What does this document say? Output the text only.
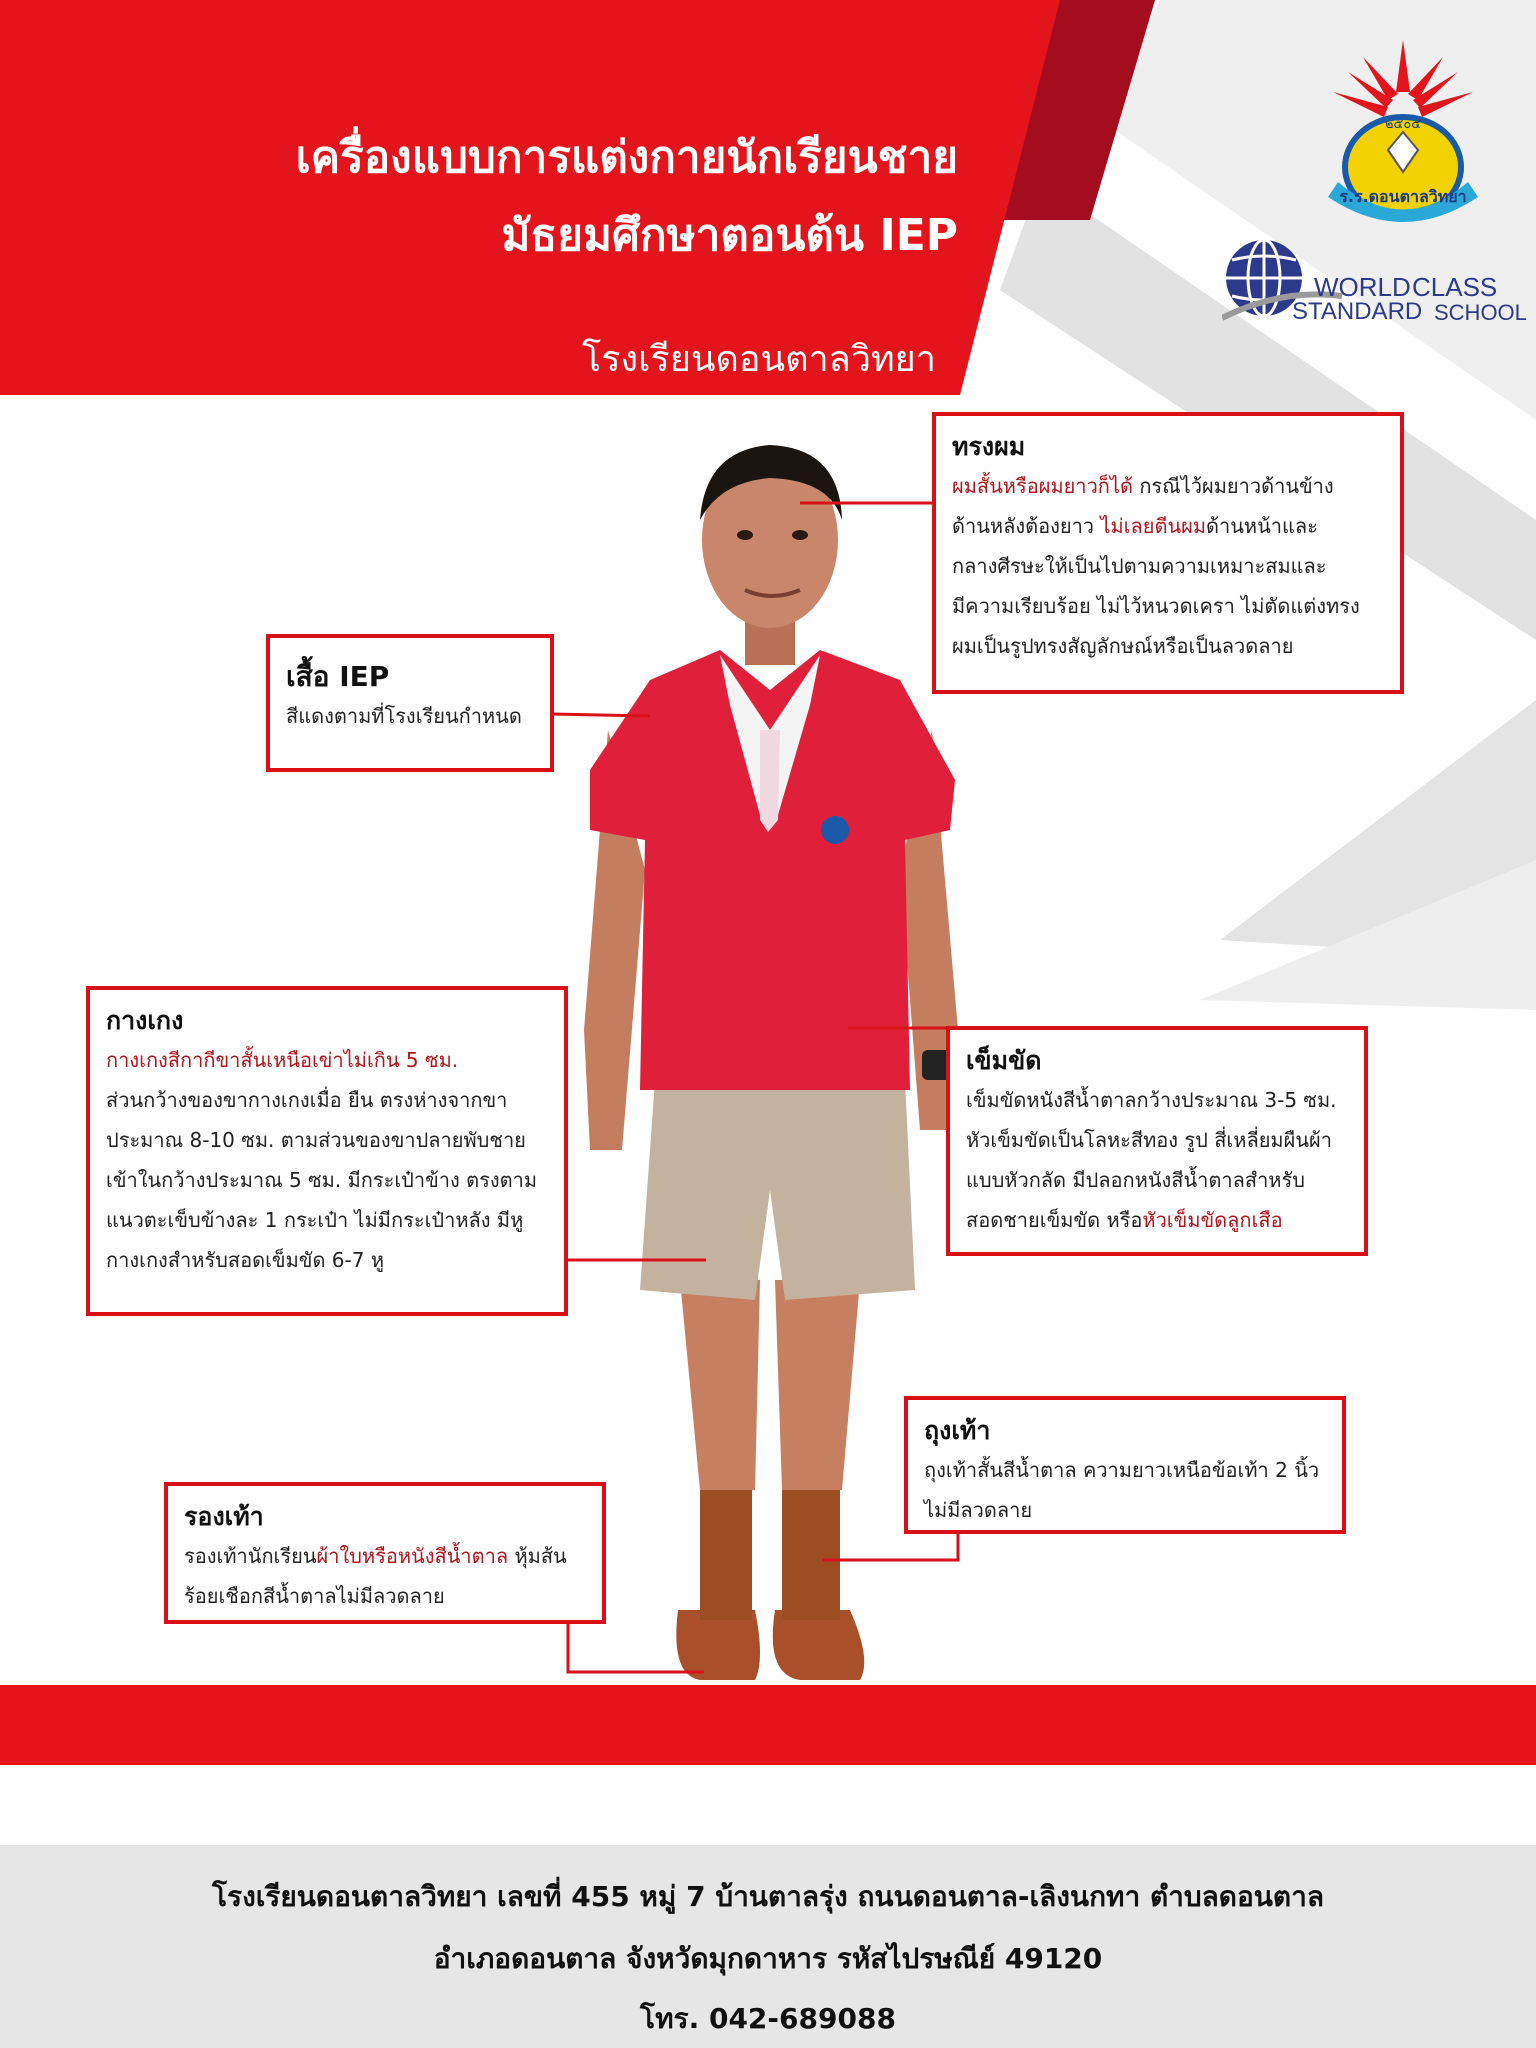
เครื่องแบบการแต่งกายนักเรียนชาย
มัธยมศึกษาตอนต้น IEP
โรงเรียนดอนตาลวิทยา
ร.ร.ดอนตาลวิทยา
๒๕๐๕
WORLD CLASS
STANDARD SCHOOL
ทรงผม

ผมสั้นหรือผมยาวก็ได้ กรณีไว้ผมยาวด้านข้าง

ด้านหลังต้องยาว ไม่เลยตีนผมด้านหน้าและ

กลางศีรษะให้เป็นไปตามความเหมาะสมและ

มีความเรียบร้อย ไม่ไว้หนวดเครา ไม่ตัดแต่งทรง

ผมเป็นรูปทรงสัญลักษณ์หรือเป็นลวดลาย

เสื้อ IEP

สีแดงตามที่โรงเรียนกำหนด

กางเกง

กางเกงสีกากีขาสั้นเหนือเข่าไม่เกิน 5 ซม.

ส่วนกว้างของขากางเกงเมื่อ ยืน ตรงห่างจากขา

ประมาณ 8-10 ซม. ตามส่วนของขาปลายพับชาย

เข้าในกว้างประมาณ 5 ซม. มีกระเป๋าข้าง ตรงตาม

แนวตะเข็บข้างละ 1 กระเป๋า ไม่มีกระเป๋าหลัง มีหู

กางเกงสำหรับสอดเข็มขัด 6-7 หู

เข็มขัด

เข็มขัดหนังสีน้ำตาลกว้างประมาณ 3-5 ซม.

หัวเข็มขัดเป็นโลหะสีทอง รูป สี่เหลี่ยมผืนผ้า

แบบหัวกลัด มีปลอกหนังสีน้ำตาลสำหรับ

สอดชายเข็มขัด หรือหัวเข็มขัดลูกเสือ

ถุงเท้า

ถุงเท้าสั้นสีน้ำตาล ความยาวเหนือข้อเท้า 2 นิ้ว

ไม่มีลวดลาย

รองเท้า

รองเท้านักเรียนผ้าใบหรือหนังสีน้ำตาล หุ้มส้น

ร้อยเชือกสีน้ำตาลไม่มีลวดลาย

โรงเรียนดอนตาลวิทยา เลขที่ 455 หมู่ 7 บ้านตาลรุ่ง ถนนดอนตาล-เลิงนกทา ตำบลดอนตาล
อำเภอดอนตาล จังหวัดมุกดาหาร รหัสไปรษณีย์ 49120
โทร. 042-689088
